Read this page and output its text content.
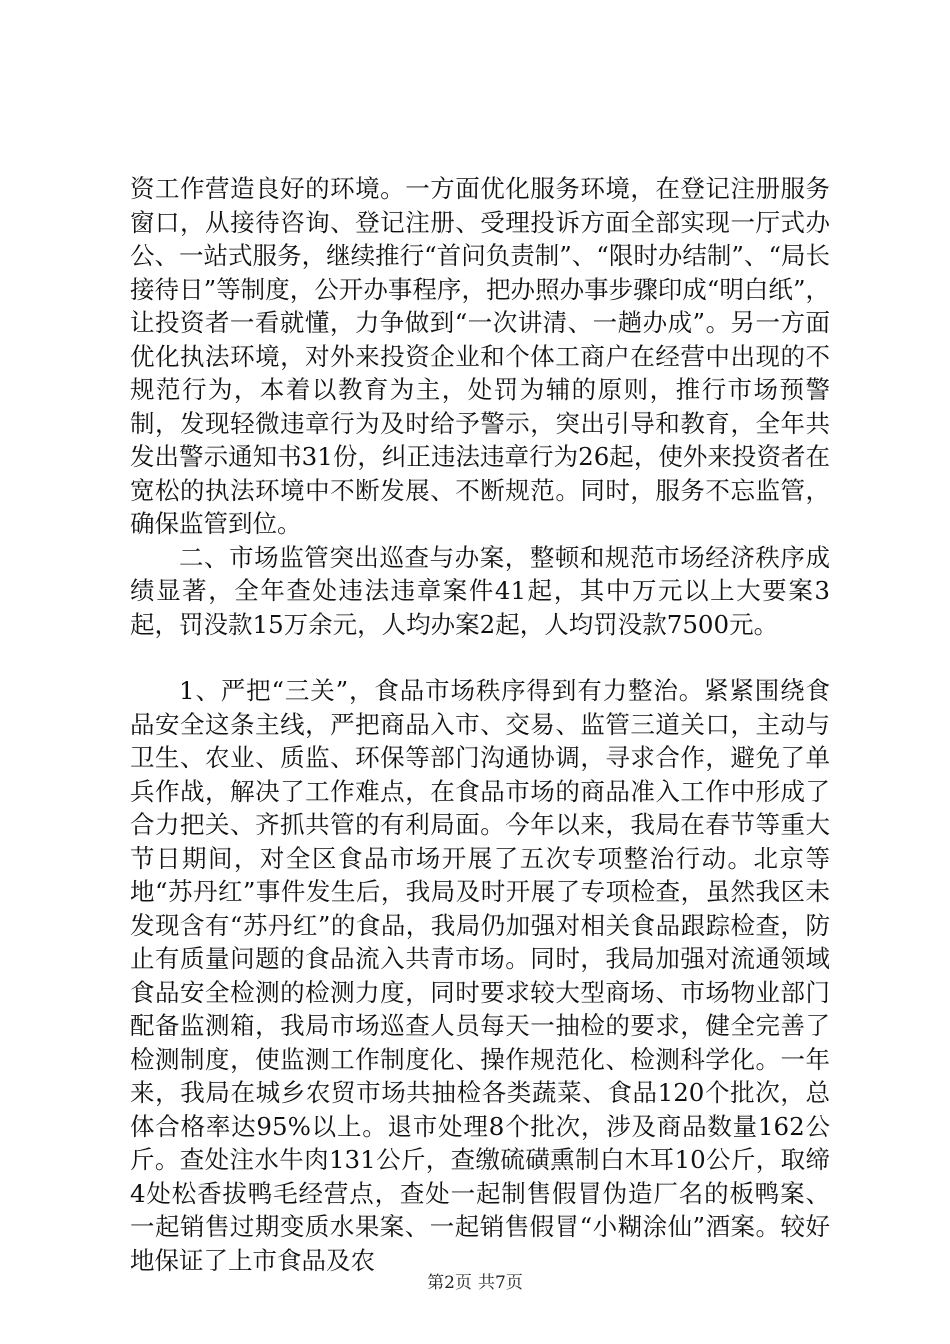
资工作营造良好的环境。一方面优化服务环境，在登记注册服务窗口，从接待咨询、登记注册、受理投诉方面全部实现一厅式办公、一站式服务，继续推行“首问负责制”、“限时办结制”、“局长接待日”等制度，公开办事程序，把办照办事步骤印成“明白纸”，让投资者一看就懂，力争做到“一次讲清、一趟办成”。另一方面优化执法环境，对外来投资企业和个体工商户在经营中出现的不规范行为，本着以教育为主，处罚为辅的原则，推行市场预警制，发现轻微违章行为及时给予警示，突出引导和教育，全年共发出警示通知书31份，纠正违法违章行为26起，使外来投资者在宽松的执法环境中不断发展、不断规范。同时，服务不忘监管，确保监管到位。

二、市场监管突出巡查与办案，整顿和规范市场经济秩序成绩显著，全年查处违法违章案件41起，其中万元以上大要案3起，罚没款15万余元，人均办案2起，人均罚没款7500元。

1、严把“三关”，食品市场秩序得到有力整治。紧紧围绕食品安全这条主线，严把商品入市、交易、监管三道关口，主动与卫生、农业、质监、环保等部门沟通协调，寻求合作，避免了单兵作战，解决了工作难点，在食品市场的商品准入工作中形成了合力把关、齐抓共管的有利局面。今年以来，我局在春节等重大节日期间，对全区食品市场开展了五次专项整治行动。北京等地“苏丹红”事件发生后，我局及时开展了专项检查，虽然我区未发现含有“苏丹红”的食品，我局仍加强对相关食品跟踪检查，防止有质量问题的食品流入共青市场。同时，我局加强对流通领域食品安全检测的检测力度，同时要求较大型商场、市场物业部门配备监测箱，我局市场巡查人员每天一抽检的要求，健全完善了检测制度，使监测工作制度化、操作规范化、检测科学化。一年来，我局在城乡农贸市场共抽检各类蔬菜、食品120个批次，总体合格率达95%以上。退市处理8个批次，涉及商品数量162公斤。查处注水牛肉131公斤，查缴硫磺熏制白木耳10公斤，取缔4处松香拔鸭毛经营点，查处一起制售假冒伪造厂名的板鸭案、一起销售过期变质水果案、一起销售假冒“小糊涂仙”酒案。较好地保证了上市食品及农

第2页 共7页
